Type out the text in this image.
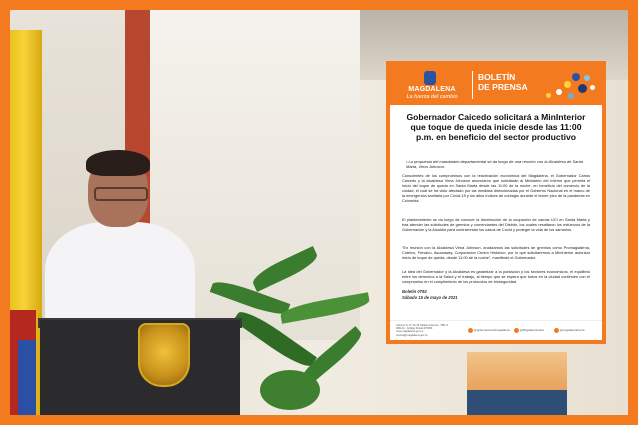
MAGDALENA
La fuerza del cambio
BOLETÍN
DE PRENSA
Gobernador Caicedo solicitará a MinInterior que toque de queda inicie desde las 11:00 p.m. en beneficio del sector productivo
• La propuesta del mandatario departamental se da luego de una reunión con la Alcaldesa de Santa Marta, Virna Johnson.
Conscientes de los compromisos con la reactivación económica del Magdalena, el Gobernador Carlos Caicedo y la alcaldesa Virna Johnson anunciaron que solicitarán al Ministerio del Interior que permita el inicio del toque de queda en Santa Marta desde las 11:00 de la noche, en beneficio del comercio de la ciudad, el cual se ha visto afectado por las medidas direccionadas por el Gobierno Nacional en el marco de la emergencia sanitaria por Covid-19 y los altos índices de contagio durante el tercer pico de la pandemia en Colombia.
El planteamiento se da luego de conocer la disminución de la ocupación de camas UCI en Santa Marta y tras atender las solicitudes de gremios y comerciantes del Distrito, los cuales resaltaron los esfuerzos de la Gobernación y la Alcaldía para contrarrestar los casos de Covid y proteger la vida de los samarios.
"En reunión con la Alcaldesa Virna Johnson, analizamos las solicitudes de gremios como Promagdalena, Cotelco, Fenalco, Asociaway, Corporación Centro Histórico, por lo que solicitaremos a MinInterior autorizar inicio de toque de queda, desde 11:00 de la noche", manifestó el Gobernador.
La idea del Gobernador y la Alcaldesa es garantizar a la población y los sectores económicos, el equilibrio entre los derechos a la Salud y el trabajo, al tiempo que se espera que todos en la ciudad continúen con el compromiso en el cumplimiento de los protocolos de bioseguridad.
Boletín 0792
Sábado 15 de mayo de 2021
Carrera 1c N° 16-15 Palacio Tayrona · PBX 4 381144 · Código Postal 470004 · www.magdalena.gov.co · prensa@magdalena.gov.co
@gobernaciondelmagdalena	@MagdalenaGober	@magdalenafuerza
